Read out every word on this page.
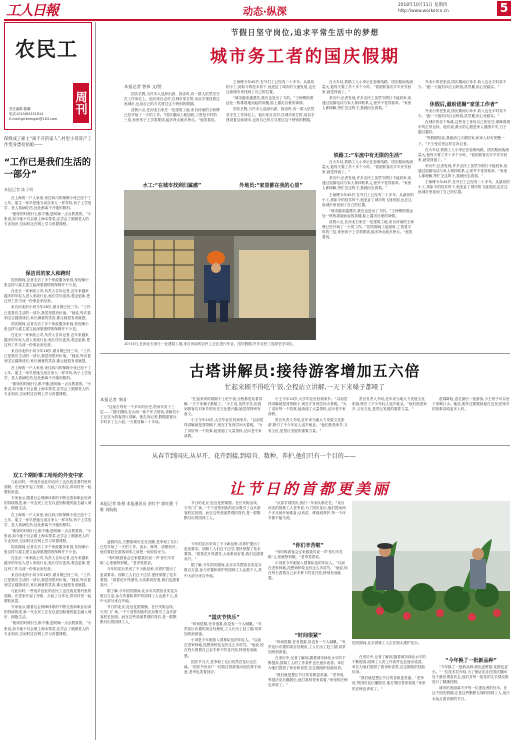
工人日報	动态·纵深
2018年10月11日 星期四
http://www.workercn.cn	5
农民工
周刊
责任编辑:陈曦
电话:(010)84151614
E-mail:grrbnmgzk@163.com
保姆成了雇主“离不开的家人”,村里小哥哥产工作变身漂亮姑娘——
“工作已是我们生活的一部分”
本报记者 陈子明

在上海的一户人家里,家住四川的保姆小张已经干了七年。雇主一家早把她当成自家人一样对待,孩子上学放学、老人看病吃药,处处都离不开她的照料。

“刚来的时候什么都不懂,是阿姨一点点教我的。”小张说,如今她不仅会做上海本帮菜,还学会了照顾老人的专业知识,空闲时还在网上学习育婴课程。

保洁员的家人和跨时

国庆期间,记者走访了多个家政服务家庭,发现像小张这样与雇主建立起深厚感情的保姆并不少见。

在北京一家家政公司,负责人告诉记者,近年来越来越多的年轻人进入家政行业,他们学历更高,观念更新,把这份工作当成一份事业来经营。

来自河北的小刘今年26岁,做月嫂已经三年。“工作已是我们生活的一部分,我觉得很有价值。”她说,每次看到宝宝健康成长,家长满意的笑容,都让她很有成就感。

国庆期间,记者走访了多个家政服务家庭,发现像小张这样与雇主建立起深厚感情的保姆并不少见。

在北京一家家政公司,负责人告诉记者,近年来越来越多的年轻人进入家政行业,他们学历更高,观念更新,把这份工作当成一份事业来经营。

来自河北的小刘今年26岁,做月嫂已经三年。“工作已是我们生活的一部分,我觉得很有价值。”她说,每次看到宝宝健康成长,家长满意的笑容,都让她很有成就感。

在上海的一户人家里,家住四川的保姆小张已经干了七年。雇主一家早把她当成自家人一样对待,孩子上学放学、老人看病吃药,处处都离不开她的照料。

“刚来的时候什么都不懂,是阿姨一点点教我的。”小张说,如今她不仅会做上海本帮菜,还学会了照顾老人的专业知识,空闲时还在网上学习育婴课程。

双工个期盼事工哈哈的外变中家

与此同时,一些返乡创业的农民工也在改变着村里的面貌。在老家开起了民宿、办起了合作社,带动村民一起增收致富。

专家表示,随着社会保障体系的不断完善和职业培训的持续推进,新一代农民工正在以更加积极的姿态融入城市、拥抱生活。

在上海的一户人家里,家住四川的保姆小张已经干了七年。雇主一家早把她当成自家人一样对待,孩子上学放学、老人看病吃药,处处都离不开她的照料。

“刚来的时候什么都不懂,是阿姨一点点教我的。”小张说,如今她不仅会做上海本帮菜,还学会了照顾老人的专业知识,空闲时还在网上学习育婴课程。

国庆期间,记者走访了多个家政服务家庭,发现像小张这样与雇主建立起深厚感情的保姆并不少见。

在北京一家家政公司,负责人告诉记者,近年来越来越多的年轻人进入家政行业,他们学历更高,观念更新,把这份工作当成一份事业来经营。

来自河北的小刘今年26岁,做月嫂已经三年。“工作已是我们生活的一部分,我觉得很有价值。”她说,每次看到宝宝健康成长,家长满意的笑容,都让她很有成就感。

与此同时,一些返乡创业的农民工也在改变着村里的面貌。在老家开起了民宿、办起了合作社,带动村民一起增收致富。

专家表示,随着社会保障体系的不断完善和职业培训的持续推进,新一代农民工正在以更加积极的姿态融入城市、拥抱生活。

“刚来的时候什么都不懂,是阿姨一点点教我的。”小张说,如今她不仅会做上海本帮菜,还学会了照顾老人的专业知识,空闲时还在网上学习育婴课程。

节假日坚守岗位,追求平常生活中的梦想
城市务工者的国庆假期
本报记者 曾伟 文/图

国庆长假,当许多人选择出游、探亲时,有一群人依然坚守在工作岗位上。他们来自农村,在城市里打拼,用双手建设着这座城市,也用自己的方式度过这个特别的假期。

清晨六点,在河北石家庄一处建筑工地,来自河南的王师傅已经开始了一天的工作。“国庆期间工地加班,工资是平时的三倍,家里孩子上学需要钱,能多挣点就多挣点。”他笑着说。

王师傅今年45岁,在外打工已经有二十多年。从最初的小工,到如今的技术骨干,他见证了城市的飞速发展,也在这座城市里找到了自己的位置。

“城市越来越漂亮,我们也是出了力的。”王师傅指着远处一栋栋拔地而起的高楼,脸上露出自豪的神情。

国庆长假,当许多人选择出游、探亲时,有一群人依然坚守在工作岗位上。他们来自农村,在城市里打拼,用双手建设着这座城市,也用自己的方式度过这个特别的假期。

在火车站,铁路工人小李正在检修线路。国庆期间客流量大,他每天要工作十多个小时。“看到旅客们平平安安回家,就觉得值了。”

采访中,记者发现,许多农民工虽然节假日不能回家,但通过视频电话与家人保持联系,心里并不觉得孤单。“家里人都理解,等忙完这阵子,我就回去看看。”

铁路工:“车流中有无限的生活”

在火车站,铁路工人小李正在检修线路。国庆期间客流量大,他每天要工作十多个小时。“看到旅客们平平安安回家,就觉得值了。”

采访中,记者发现,许多农民工虽然节假日不能回家,但通过视频电话与家人保持联系,心里并不觉得孤单。“家里人都理解,等忙完这阵子,我就回去看看。”

王师傅今年45岁,在外打工已经有二十多年。从最初的小工,到如今的技术骨干,他见证了城市的飞速发展,也在这座城市里找到了自己的位置。

“城市越来越漂亮,我们也是出了力的。”王师傅指着远处一栋栋拔地而起的高楼,脸上露出自豪的神情。

清晨六点,在河北石家庄一处建筑工地,来自河南的王师傅已经开始了一天的工作。“国庆期间工地加班,工资是平时的三倍,家里孩子上学需要钱,能多挣点就多挣点。”他笑着说。

外卖小哥老张说,国庆期间订单多,收入也比平时高不少。“跑一天能有四五百块钱,虽然累,但心里踏实。”

休假后,最盼团聚“家里工作者”

外卖小哥老张说,国庆期间订单多,收入也比平时高不少。“跑一天能有四五百块钱,虽然累,但心里踏实。”

在城市的各个角落,这些务工者用自己的坚守,保障着城市的正常运转。他们说,最大的心愿是家人健康平安,日子越过越好。

“等假期结束,我就请几天假回家,和家人好好团聚一下。”不少受访者这样告诉记者。

在火车站,铁路工人小李正在检修线路。国庆期间客流量大,他每天要工作十多个小时。“看到旅客们平平安安回家,就觉得值了。”

采访中,记者发现,许多农民工虽然节假日不能回家,但通过视频电话与家人保持联系,心里并不觉得孤单。“家里人都理解,等忙完这阵子,我就回去看看。”

王师傅今年45岁,在外打工已经有二十多年。从最初的小工,到如今的技术骨干,他见证了城市的飞速发展,也在这座城市里找到了自己的位置。

水工:“在城市找到归属感”	外地员:“家里都在我的心里”
10月3日,在河北石家庄一处建筑工地,来自河南的农民工正在进行作业。国庆假期,许多农民工选择坚守岗位。
古塔讲解员:接待游客增加五六倍
忙起来顾不得吃午饭,全程站立讲解,一天下来嗓子都哑了
本报记者 李国

“这座古塔有一千多年的历史,塔身共有十三层……”国庆期间,在山西一座千年古塔前,讲解员小王正在为游客进行讲解。她告诉记者,假期游客比平时多了五六倍,一天要讲解二十多场。

“忙起来的时候顾不上吃午饭,全程都是站着讲解,一天下来嗓子都哑了。”小王说,虽然辛苦,但看到游客们对家乡的历史文化感兴趣,她觉得特别有意义。

小王今年24岁,大学毕业后回到家乡。“以前觉得讲解就是背背稿子,现在才发现学问大着呢。”为了讲好每一个故事,她查阅了大量资料,还向老专家请教。

小王今年24岁,大学毕业后回到家乡。“以前觉得讲解就是背背稿子,现在才发现学问大着呢。”为了讲好每一个故事,她查阅了大量资料,还向老专家请教。

景区负责人介绍,近年来当地大力发展文化旅游,吸引了不少年轻人返乡就业。“他们熟悉家乡,又有文化,是景区发展的重要力量。”

景区负责人介绍,近年来当地大力发展文化旅游,吸引了不少年轻人返乡就业。“他们熟悉家乡,又有文化,是景区发展的重要力量。”

夜幕降临,送走最后一批游客,小王终于可以坐下来喝口水。她说,明年还要继续留在这里,把家乡的故事讲给更多人听。

从春节到国庆,从早开、花卉到接,到培肯、数种、养护,他们只有一个目的——
让节日的首都更美丽
本报记者 陈相 本报通讯员 余红宇 郭红健 于维 刘航航

节日的北京,处处花团锦簇。在长安街沿线、天安门广场,一个个造型别致的花坛吸引了众多游客驻足拍照。而在这些美丽景观的背后,是一群默默付出的园林工人。

“从春节到国庆,我们一年到头都在忙。”来自河北的园林工人老李说,为了国庆花坛,他们提前两个多月就开始准备,从育苗、移栽到养护,每一个环节都不能马虎。

“你们辛苦啦”

凌晨四点,当整座城市还在沉睡,老李和工友们已经开始了一天的工作。浇水、修剪、清理枯叶,他们要赶在游客到来之前把一切收拾妥当。

“有时候游客会过来跟我们说一声‘你们辛苦啦’,心里就特别暖。”老李笑着说。

今年的花坛采用了不少新品种,对养护提出了更高要求。园林工人们边干边学,很快掌握了技术要领。“看着花开得漂亮,大家都说好看,我们也跟着高兴。”

据了解,今年国庆期间,北京市共摆放各类花卉数百万盆,参与布置和养护的园林工人达数千人,其中大部分来自外地。

节日的北京,处处花团锦簇。在长安街沿线、天安门广场,一个个造型别致的花坛吸引了众多游客驻足拍照。而在这些美丽景观的背后,是一群默默付出的园林工人。

“国庆节快乐”

今年的花坛采用了不少新品种,对养护提出了更高要求。园林工人们边干边学,很快掌握了技术要领。“看着花开得漂亮,大家都说好看,我们也跟着高兴。”

据了解,今年国庆期间,北京市共摆放各类花卉数百万盆,参与布置和养护的园林工人达数千人,其中大部分来自外地。

“时间很紧,任务很重,但没有一个人喊累。”负责花坛布置的项目经理说,工人们为了赶工期,常常加班到深夜。

小刘是今年刚加入园林队伍的年轻人。“以前在老家种地,没想到种花也有这么多讲究。”他说,现在每天看着自己亲手种下的花开放,特别有成就感。

国庆节当天,老李和工友们仍然在花坛边忙碌。“国庆节快乐!”一位路过的游客向他们挥手致意,老李也笑着回应。

“有时候游客会过来跟我们说一声‘你们辛苦啦’,心里就特别暖。”老李笑着说。

小刘是今年刚加入园林队伍的年轻人。“以前在老家种地,没想到种花也有这么多讲究。”他说,现在每天看着自己亲手种下的花开放,特别有成就感。

“时间很紧”

“时间很紧,任务很重,但没有一个人喊累。”负责花坛布置的项目经理说,工人们为了赶工期,常常加班到深夜。

在采访中,记者了解到,随着城市绿化水平的不断提高,园林工人的工作条件也在逐步改善。单位为他们提供了宿舍和食堂,还定期组织技能培训。

“我们就是想让节日的首都更美丽。”老李说,等国庆花坛撤展后,他打算回老家看看,“家里的庄稼也该收了。”

国庆期间,北京园林工人正在街头维护花坛。
“今年换了一批新品种”

在采访中,记者了解到,随着城市绿化水平的不断提高,园林工人的工作条件也在逐步改善。单位为他们提供了宿舍和食堂,还定期组织技能培训。

“我们就是想让节日的首都更美丽。”老李说,等国庆花坛撤展后,他打算回老家看看,“家里的庄稼也该收了。”

“今年换了一批新品种,颜色更鲜艳,花期也更长。”一位技术员介绍,为了保证花卉在国庆期间处于最佳观赏状态,他们对每一批花的生长情况都进行了精确控制。

城市的美丽离不开每一位建设者的付出。在这个国庆假期,正是这些默默无闻的园林工人,用汗水装点着首都的节日。
